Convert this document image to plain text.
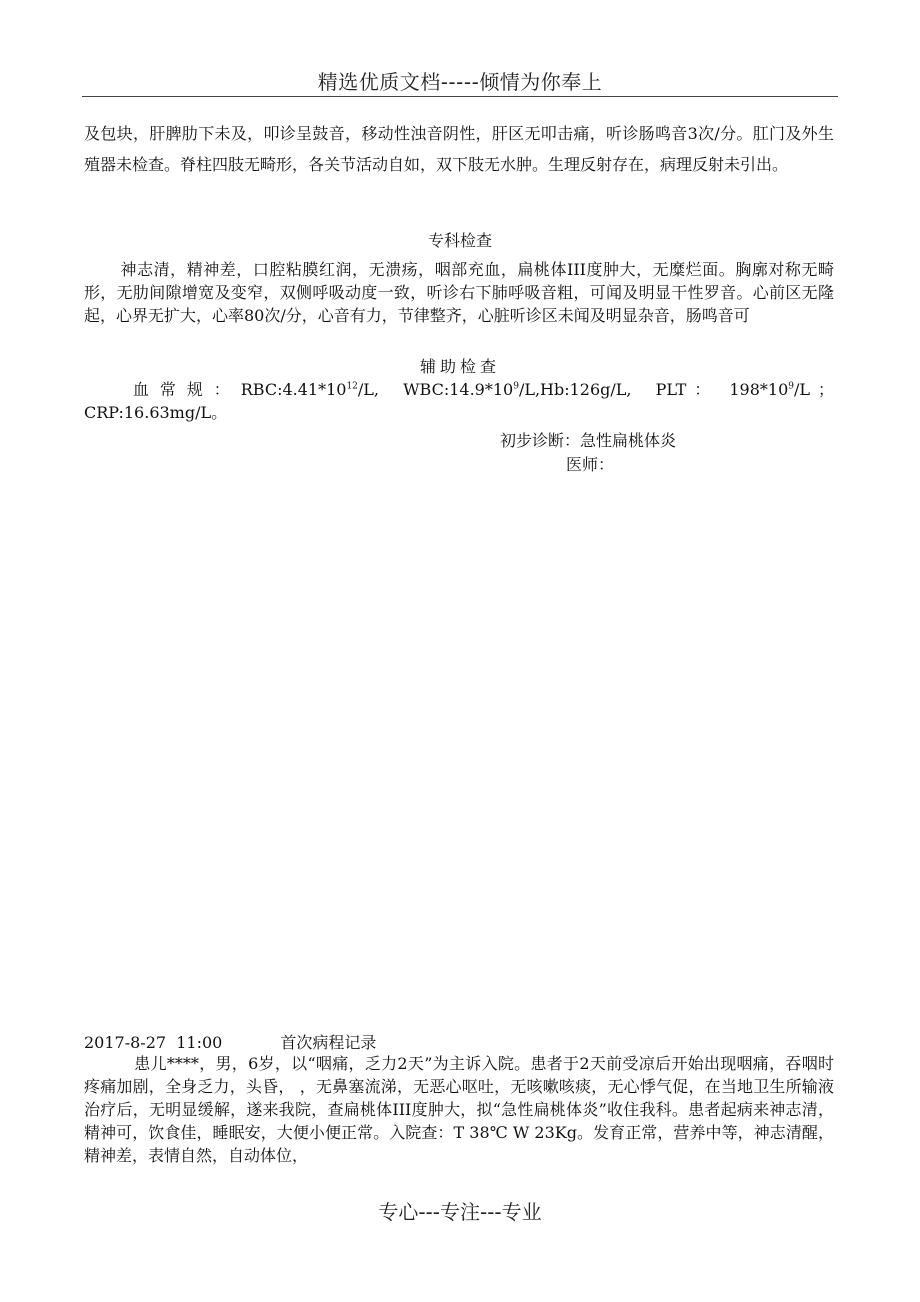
精选优质文档-----倾情为你奉上
及包块，肝脾肋下未及，叩诊呈鼓音，移动性浊音阴性，肝区无叩击痛，听诊肠鸣音3次/分。肛门及外生殖器未检查。脊柱四肢无畸形，各关节活动自如，双下肢无水肿。生理反射存在，病理反射未引出。
专科检查
神志清，精神差，口腔粘膜红润，无溃疡，咽部充血，扁桃体III度肿大，无糜烂面。胸廓对称无畸形，无肋间隙增宽及变窄，双侧呼吸动度一致，听诊右下肺呼吸音粗，可闻及明显干性罗音。心前区无隆起，心界无扩大，心率80次/分，心音有力，节律整齐，心脏听诊区未闻及明显杂音，肠鸣音可
辅助检查
血 常 规 ： $RBC:4.41*10^{12}/L$, $WBC:14.9*10^9/L,Hb:126g/L$, PLT ： $198*10^9/L$ ； CRP:16.63mg/L。
初步诊断：急性扁桃体炎
医师：
2017-8-27  11:00	首次病程记录
患儿****，男，6岁，以“咽痛，乏力2天”为主诉入院。患者于2天前受凉后开始出现咽痛，吞咽时疼痛加剧，全身乏力，头昏， ，无鼻塞流涕，无恶心呕吐，无咳嗽咳痰，无心悸气促，在当地卫生所输液治疗后，无明显缓解，遂来我院，查扁桃体III度肿大，拟“急性扁桃体炎”收住我科。患者起病来神志清，精神可，饮食佳，睡眠安，大便小便正常。入院查：T 38℃ W 23Kg。发育正常，营养中等，神志清醒，精神差，表情自然，自动体位，
专心---专注---专业
